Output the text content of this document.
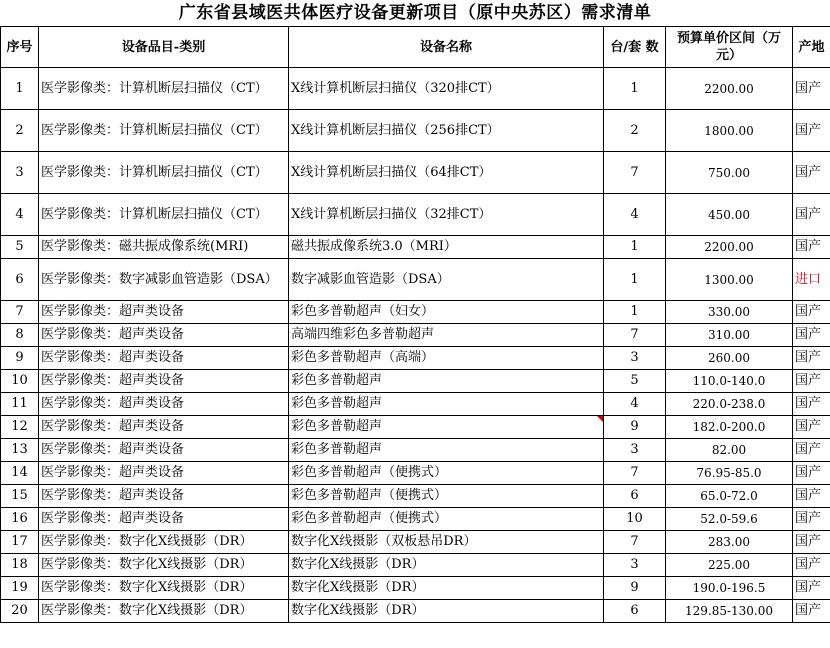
广东省县域医共体医疗设备更新项目（原中央苏区）需求清单
序号	设备品目-类别	设备名称	台/套 数	预算单价区间（万元）	产地
1	医学影像类：计算机断层扫描仪（CT）	X线计算机断层扫描仪（320排CT）	1	2200.00	国产
2	医学影像类：计算机断层扫描仪（CT）	X线计算机断层扫描仪（256排CT）	2	1800.00	国产
3	医学影像类：计算机断层扫描仪（CT）	X线计算机断层扫描仪（64排CT）	7	750.00	国产
4	医学影像类：计算机断层扫描仪（CT）	X线计算机断层扫描仪（32排CT）	4	450.00	国产
5	医学影像类：磁共振成像系统(MRI)	磁共振成像系统3.0（MRI）	1	2200.00	国产
6	医学影像类：数字减影血管造影（DSA）	数字减影血管造影（DSA）	1	1300.00	进口
7	医学影像类：超声类设备	彩色多普勒超声（妇女）	1	330.00	国产
8	医学影像类：超声类设备	高端四维彩色多普勒超声	7	310.00	国产
9	医学影像类：超声类设备	彩色多普勒超声（高端）	3	260.00	国产
10	医学影像类：超声类设备	彩色多普勒超声	5	110.0-140.0	国产
11	医学影像类：超声类设备	彩色多普勒超声	4	220.0-238.0	国产
12	医学影像类：超声类设备	彩色多普勒超声	9	182.0-200.0	国产
13	医学影像类：超声类设备	彩色多普勒超声	3	82.00	国产
14	医学影像类：超声类设备	彩色多普勒超声（便携式）	7	76.95-85.0	国产
15	医学影像类：超声类设备	彩色多普勒超声（便携式）	6	65.0-72.0	国产
16	医学影像类：超声类设备	彩色多普勒超声（便携式）	10	52.0-59.6	国产
17	医学影像类：数字化X线摄影（DR）	数字化X线摄影（双板悬吊DR）	7	283.00	国产
18	医学影像类：数字化X线摄影（DR）	数字化X线摄影（DR）	3	225.00	国产
19	医学影像类：数字化X线摄影（DR）	数字化X线摄影（DR）	9	190.0-196.5	国产
20	医学影像类：数字化X线摄影（DR）	数字化X线摄影（DR）	6	129.85-130.00	国产
